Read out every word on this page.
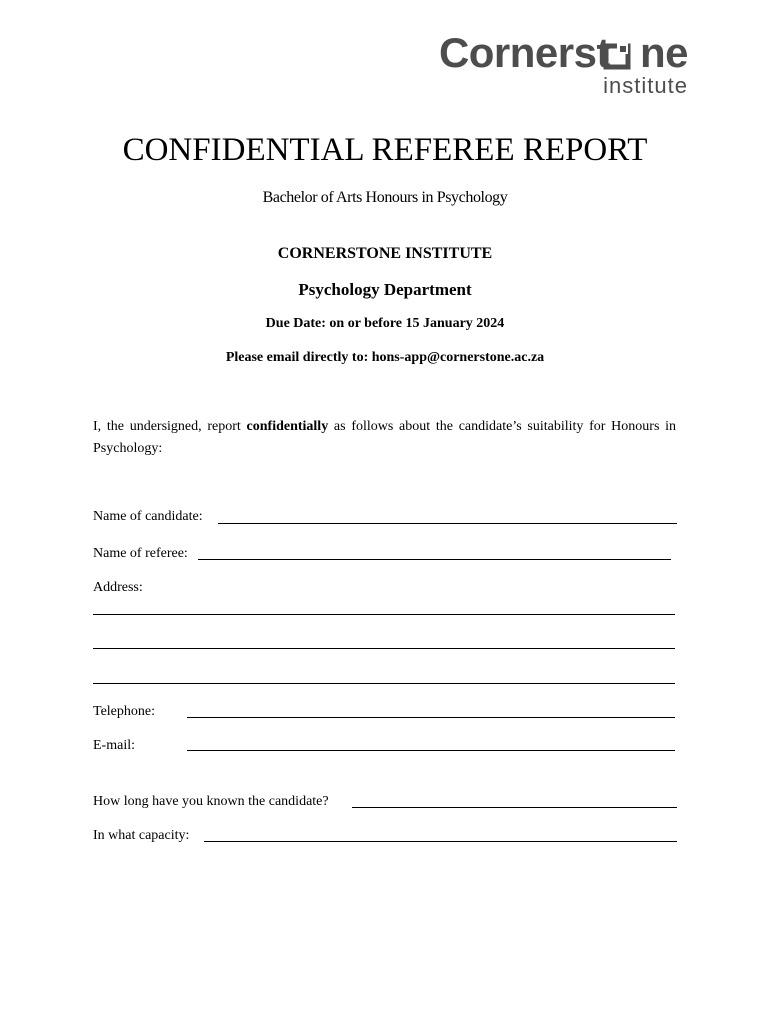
Cornerst ne
institute
CONFIDENTIAL REFEREE REPORT
Bachelor of Arts Honours in Psychology
CORNERSTONE INSTITUTE
Psychology Department
Due Date: on or before 15 January 2024
Please email directly to: hons-app@cornerstone.ac.za
I, the undersigned, report confidentially as follows about the candidate’s suitability for Honours in Psychology:
Name of candidate:
Name of referee:
Address:
Telephone:
E-mail:
How long have you known the candidate?
In what capacity:
